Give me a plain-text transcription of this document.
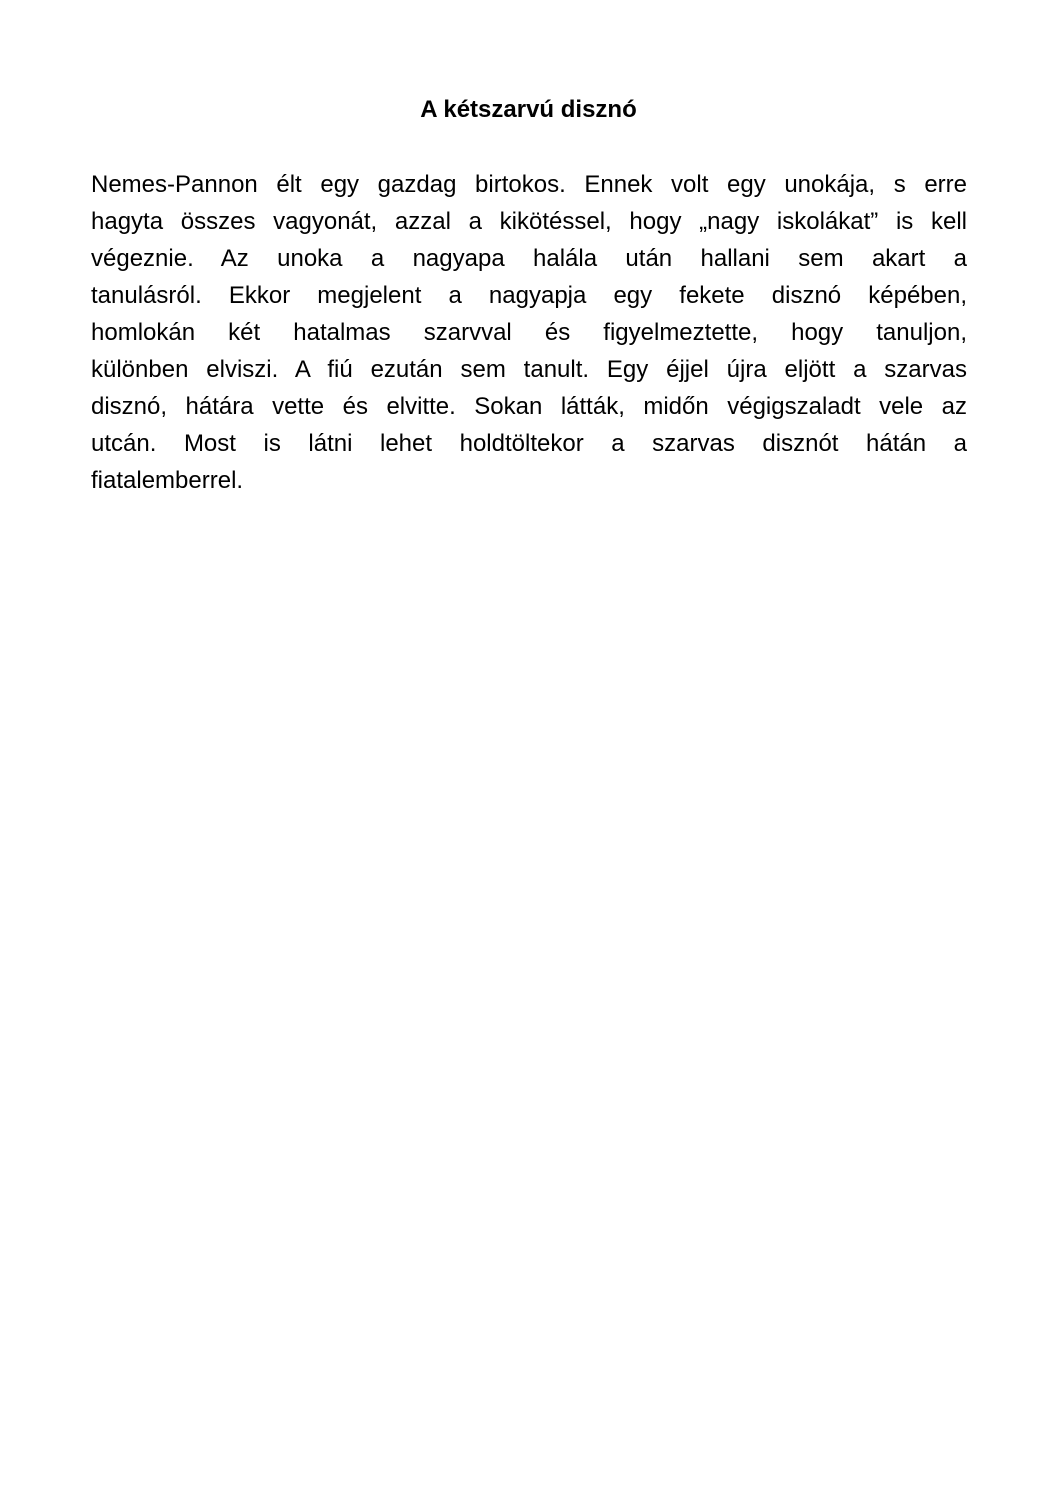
A kétszarvú disznó
Nemes-Pannon élt egy gazdag birtokos. Ennek volt egy unokája, s erre
hagyta összes vagyonát, azzal a kikötéssel, hogy „nagy iskolákat” is kell
végeznie. Az unoka a nagyapa halála után hallani sem akart a
tanulásról. Ekkor megjelent a nagyapja egy fekete disznó képében,
homlokán két hatalmas szarvval és figyelmeztette, hogy tanuljon,
különben elviszi. A fiú ezután sem tanult. Egy éjjel újra eljött a szarvas
disznó, hátára vette és elvitte. Sokan látták, midőn végigszaladt vele az
utcán. Most is látni lehet holdtöltekor a szarvas disznót hátán a
fiatalemberrel.
